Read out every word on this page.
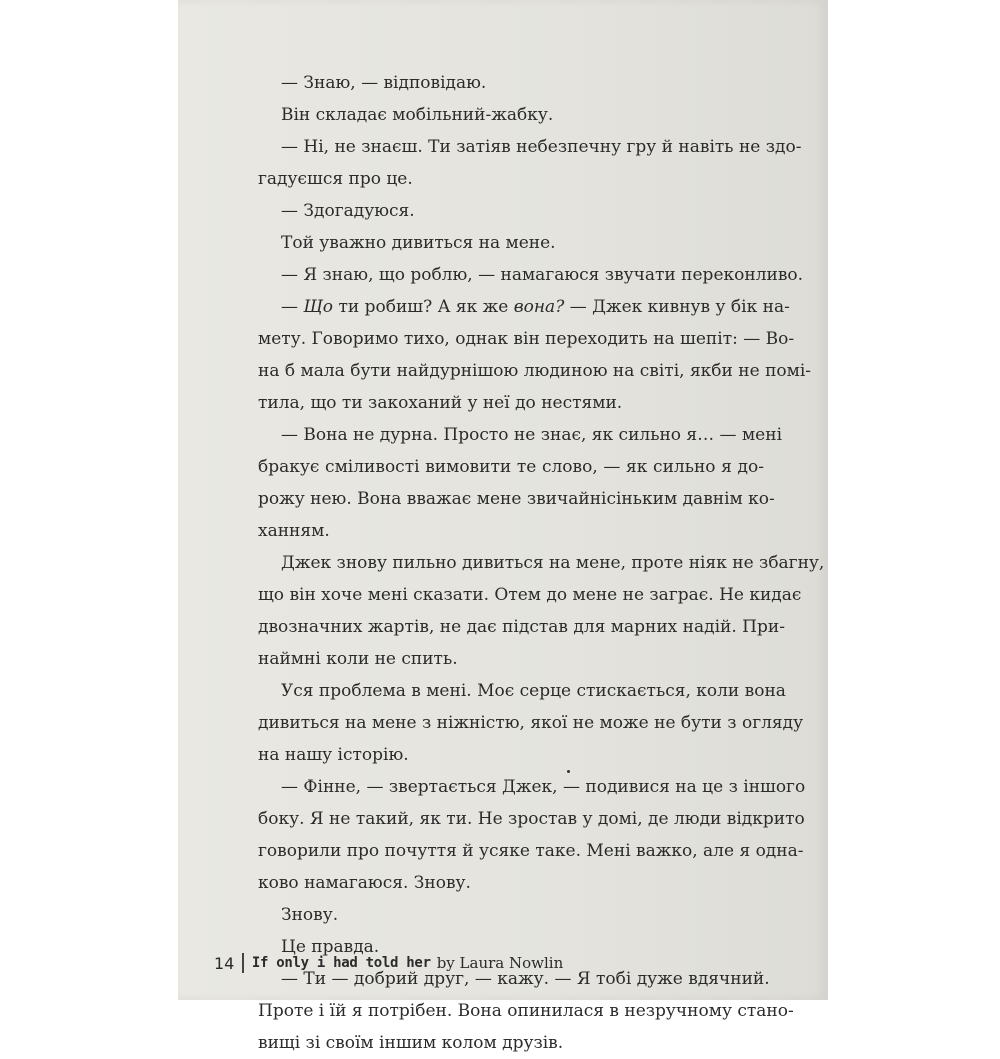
— Знаю, — відповідаю.
Він складає мобільний-жабку.
— Ні, не знаєш. Ти затіяв небезпечну гру й навіть не здо-
гадуєшся про це.
— Здогадуюся.
Той уважно дивиться на мене.
— Я знаю, що роблю, — намагаюся звучати переконливо.
— Що ти робиш? А як же вона? — Джек кивнув у бік на-
мету. Говоримо тихо, однак він переходить на шепіт: — Во-
на б мала бути найдурнішою людиною на світі, якби не помі-
тила, що ти закоханий у неї до нестями.
— Вона не дурна. Просто не знає, як сильно я… — мені
бракує сміливості вимовити те слово, — як сильно я до-
рожу нею. Вона вважає мене звичайнісіньким давнім ко-
ханням.
Джек знову пильно дивиться на мене, проте ніяк не збагну,
що він хоче мені сказати. Отем до мене не заграє. Не кидає
двозначних жартів, не дає підстав для марних надій. При-
наймні коли не спить.
Уся проблема в мені. Моє серце стискається, коли вона
дивиться на мене з ніжністю, якої не може не бути з огляду
на нашу історію.
— Фінне, — звертається Джек, — подивися на це з іншого
боку. Я не такий, як ти. Не зростав у домі, де люди відкрито
говорили про почуття й усяке таке. Мені важко, але я одна-
ково намагаюся. Знову.
Знову.
Це правда.
— Ти — добрий друг, — кажу. — Я тобі дуже вдячний.
Проте і їй я потрібен. Вона опинилася в незручному стано-
вищі зі своїм іншим колом друзів.
14 If only i had told her by Laura Nowlin
